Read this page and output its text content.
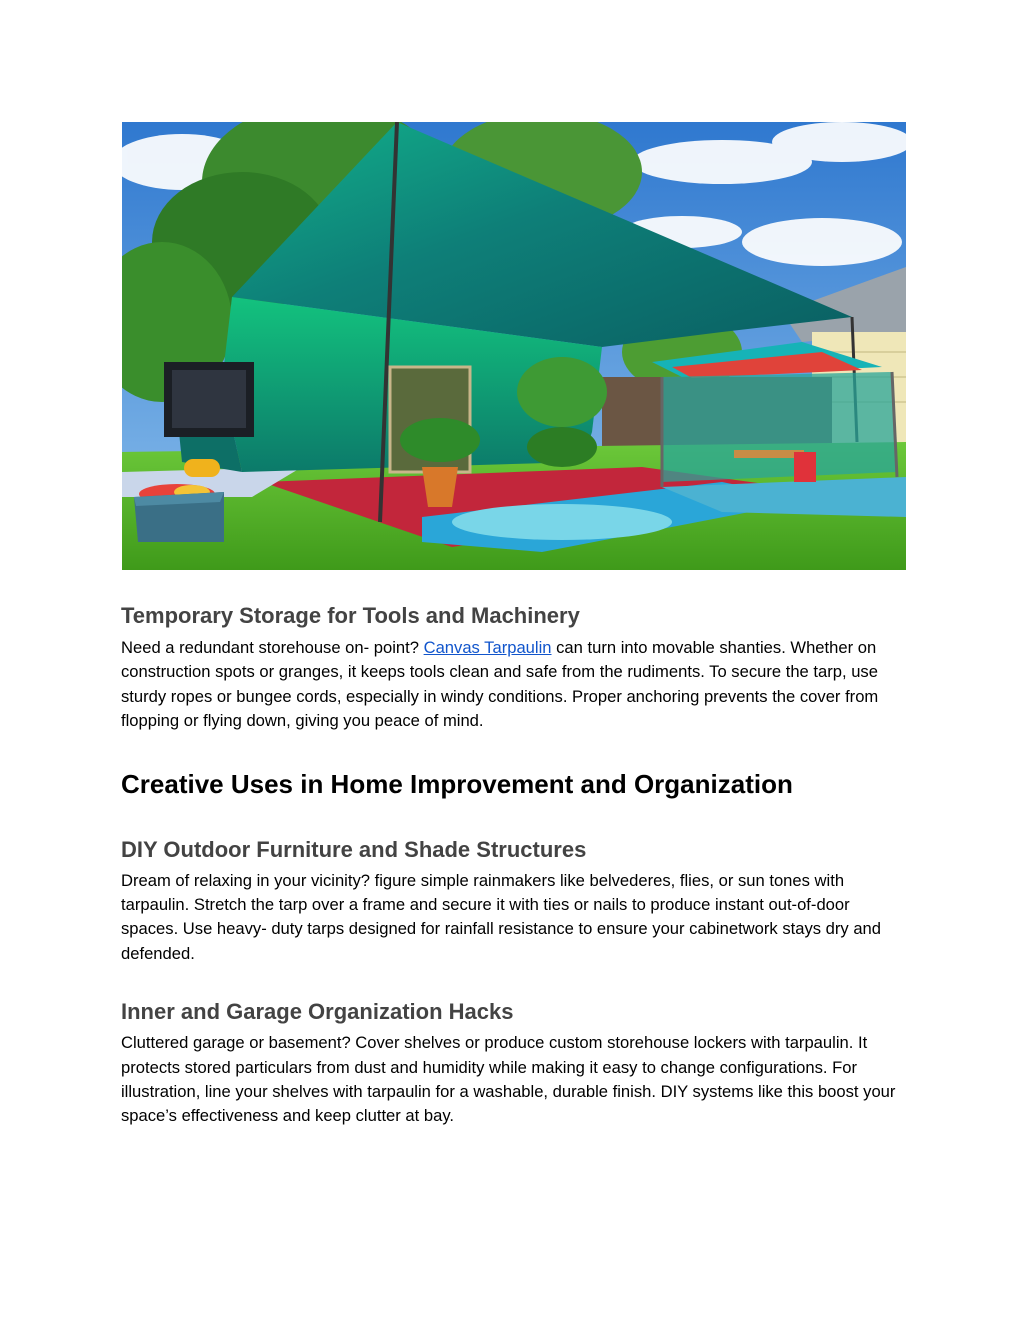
Temporary Storage for Tools and Machinery

Need a redundant storehouse on- point? Canvas Tarpaulin can turn into movable shanties. Whether on construction spots or granges, it keeps tools clean and safe from the rudiments. To secure the tarp, use sturdy ropes or bungee cords, especially in windy conditions. Proper anchoring prevents the cover from flopping or flying down, giving you peace of mind.

Creative Uses in Home Improvement and Organization
DIY Outdoor Furniture and Shade Structures

Dream of relaxing in your vicinity? figure simple rainmakers like belvederes, flies, or sun tones with tarpaulin. Stretch the tarp over a frame and secure it with ties or nails to produce instant out-of-door spaces. Use heavy- duty tarps designed for rainfall resistance to ensure your cabinetwork stays dry and defended.

Inner and Garage Organization Hacks

Cluttered garage or basement? Cover shelves or produce custom storehouse lockers with tarpaulin. It protects stored particulars from dust and humidity while making it easy to change configurations. For illustration, line your shelves with tarpaulin for a washable, durable finish. DIY systems like this boost your space’s effectiveness and keep clutter at bay.
